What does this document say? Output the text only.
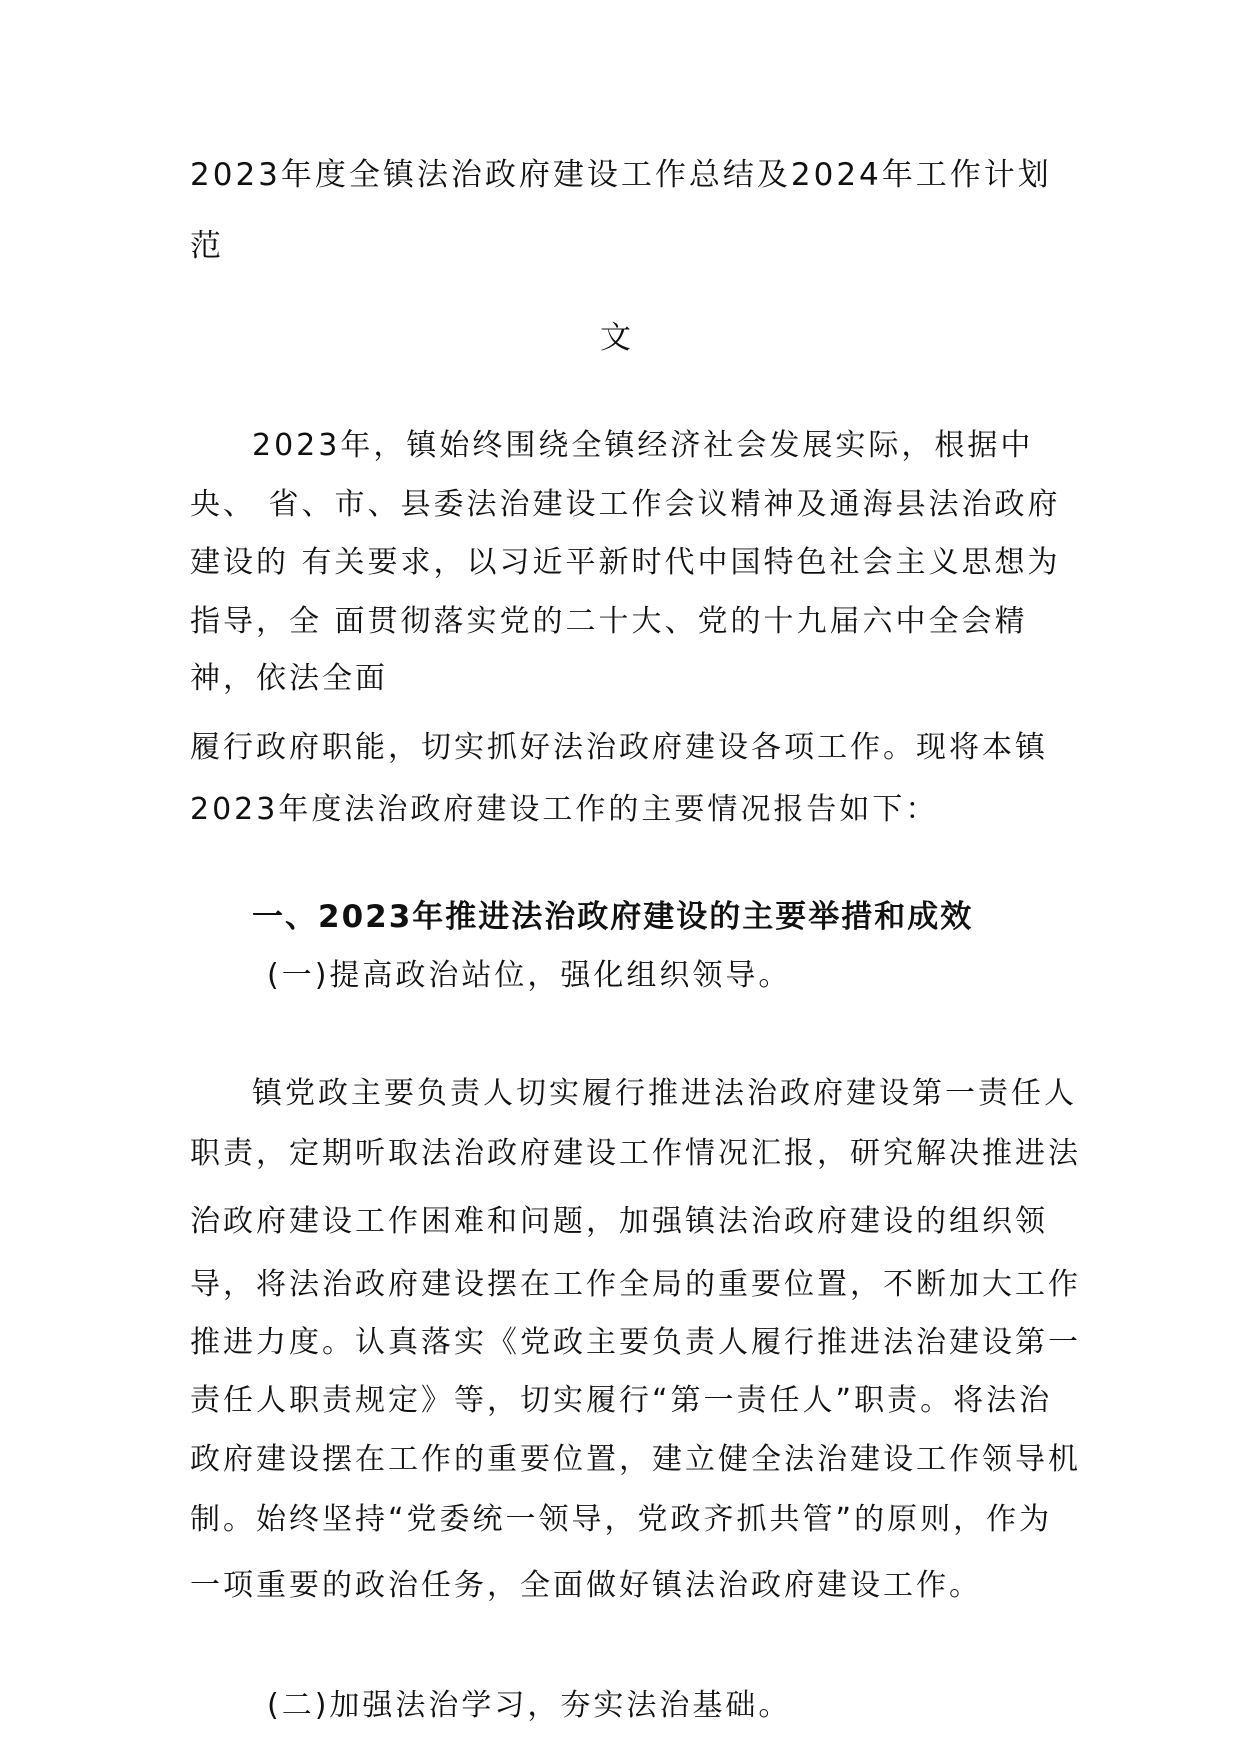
2023年度全镇法治政府建设工作总结及2024年工作计划
范
文
2023年，镇始终围绕全镇经济社会发展实际，根据中
央、 省、市、县委法治建设工作会议精神及通海县法治政府
建设的 有关要求，以习近平新时代中国特色社会主义思想为
指导，全 面贯彻落实党的二十大、党的十九届六中全会精
神，依法全面
履行政府职能，切实抓好法治政府建设各项工作。现将本镇
2023年度法治政府建设工作的主要情况报告如下：
一、2023年推进法治政府建设的主要举措和成效
(一)提高政治站位，强化组织领导。
镇党政主要负责人切实履行推进法治政府建设第一责任人
职责，定期听取法治政府建设工作情况汇报，研究解决推进法
治政府建设工作困难和问题，加强镇法治政府建设的组织领
导，将法治政府建设摆在工作全局的重要位置，不断加大工作
推进力度。认真落实《党政主要负责人履行推进法治建设第一
责任人职责规定》等，切实履行“第一责任人”职责。将法治
政府建设摆在工作的重要位置，建立健全法治建设工作领导机
制。始终坚持“党委统一领导，党政齐抓共管”的原则，作为
一项重要的政治任务，全面做好镇法治政府建设工作。
(二)加强法治学习，夯实法治基础。
